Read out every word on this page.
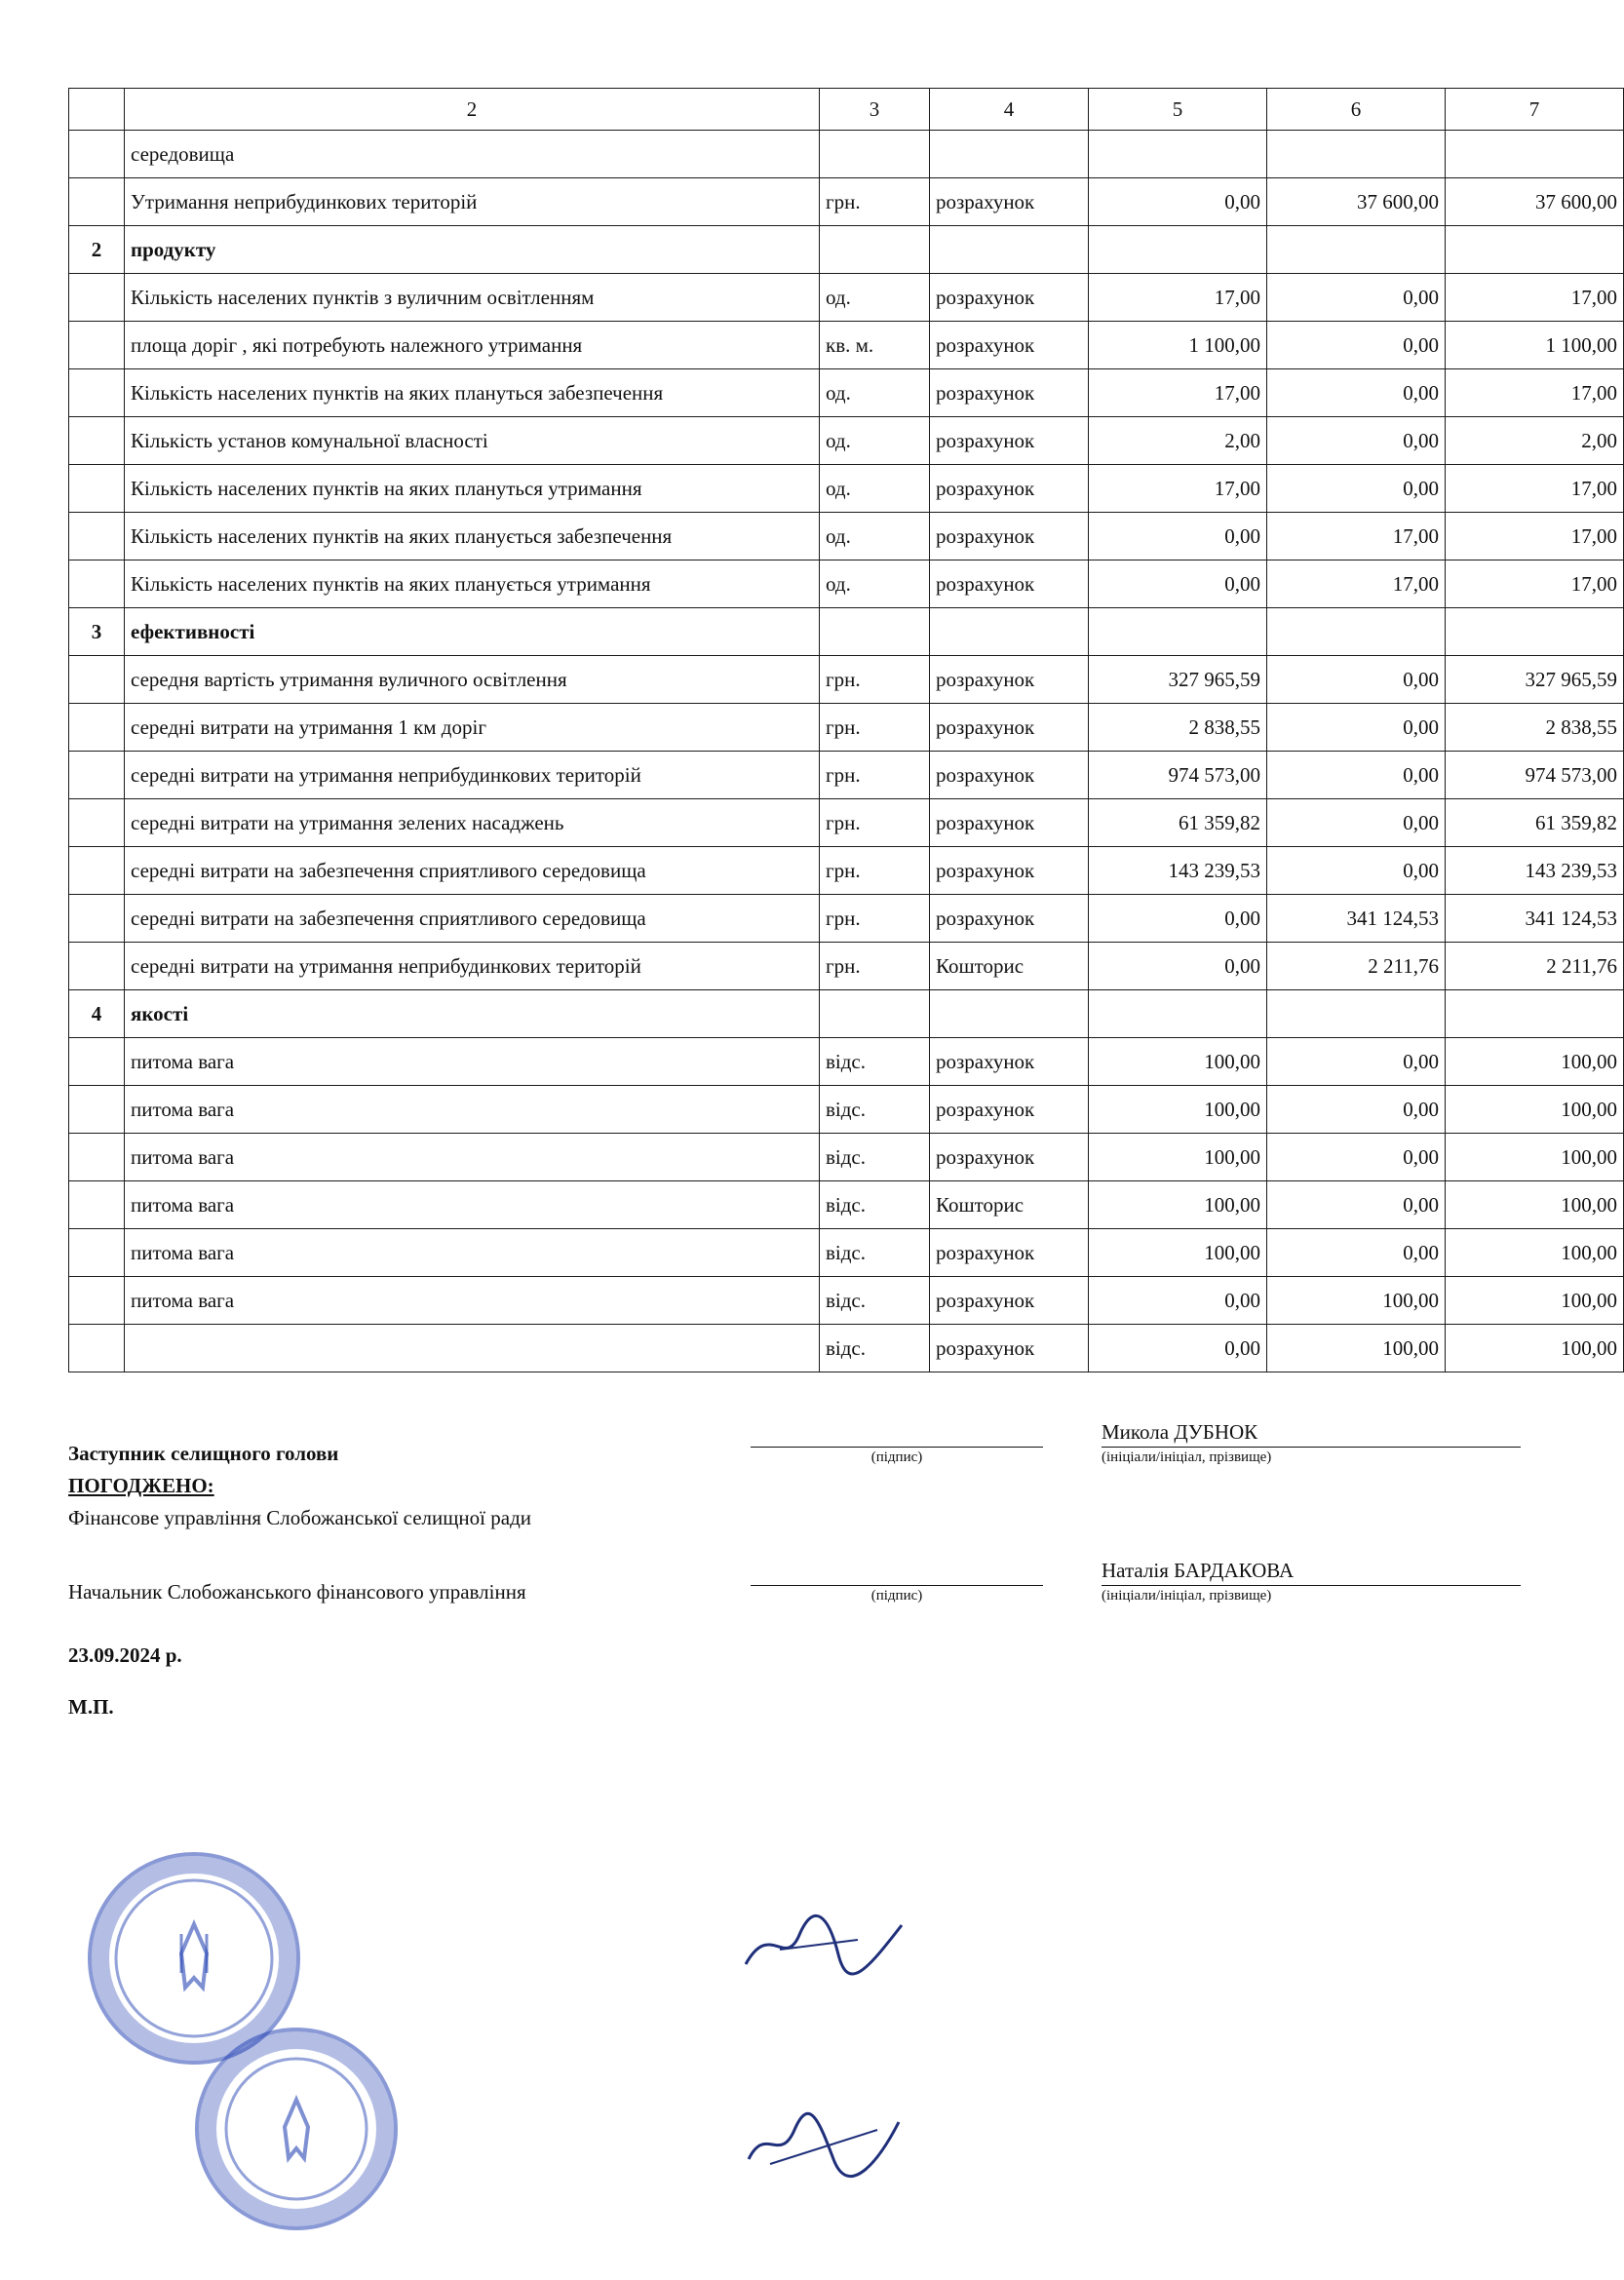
	2	3	4	5	6	7
	середовища					
	Утримання неприбудинкових територій	грн.	розрахунок	0,00	37 600,00	37 600,00
2	продукту					
	Кількість населених пунктів з вуличним освітленням	од.	розрахунок	17,00	0,00	17,00
	площа доріг , які потребують належного утримання	кв. м.	розрахунок	1 100,00	0,00	1 100,00
	Кількість населених пунктів на яких плануться забезпечення	од.	розрахунок	17,00	0,00	17,00
	Кількість установ комунальної власності	од.	розрахунок	2,00	0,00	2,00
	Кількість населених пунктів на яких плануться утримання	од.	розрахунок	17,00	0,00	17,00
	Кількість населених пунктів на яких планується забезпечення	од.	розрахунок	0,00	17,00	17,00
	Кількість населених пунктів на яких планується утримання	од.	розрахунок	0,00	17,00	17,00
3	ефективності					
	середня вартість утримання вуличного освітлення	грн.	розрахунок	327 965,59	0,00	327 965,59
	середні витрати на утримання 1 км доріг	грн.	розрахунок	2 838,55	0,00	2 838,55
	середні витрати на утримання неприбудинкових територій	грн.	розрахунок	974 573,00	0,00	974 573,00
	середні витрати на утримання зелених насаджень	грн.	розрахунок	61 359,82	0,00	61 359,82
	середні витрати на забезпечення сприятливого середовища	грн.	розрахунок	143 239,53	0,00	143 239,53
	середні витрати на забезпечення сприятливого середовища	грн.	розрахунок	0,00	341 124,53	341 124,53
	середні витрати на утримання неприбудинкових територій	грн.	Кошторис	0,00	2 211,76	2 211,76
4	якості					
	питома вага	відс.	розрахунок	100,00	0,00	100,00
	питома вага	відс.	розрахунок	100,00	0,00	100,00
	питома вага	відс.	розрахунок	100,00	0,00	100,00
	питома вага	відс.	Кошторис	100,00	0,00	100,00
	питома вага	відс.	розрахунок	100,00	0,00	100,00
	питома вага	відс.	розрахунок	0,00	100,00	100,00
		відс.	розрахунок	0,00	100,00	100,00
Заступник селищного голови	(підпис)
Микола ДУБНОК
(ініціали/ініціал, прізвище)
ПОГОДЖЕНО:
Фінансове управління Слобожанської селищної ради
Начальник Слобожанського фінансового управління	(підпис)
Наталія БАРДАКОВА
(ініціали/ініціал, прізвище)
23.09.2024 р.
М.П.
